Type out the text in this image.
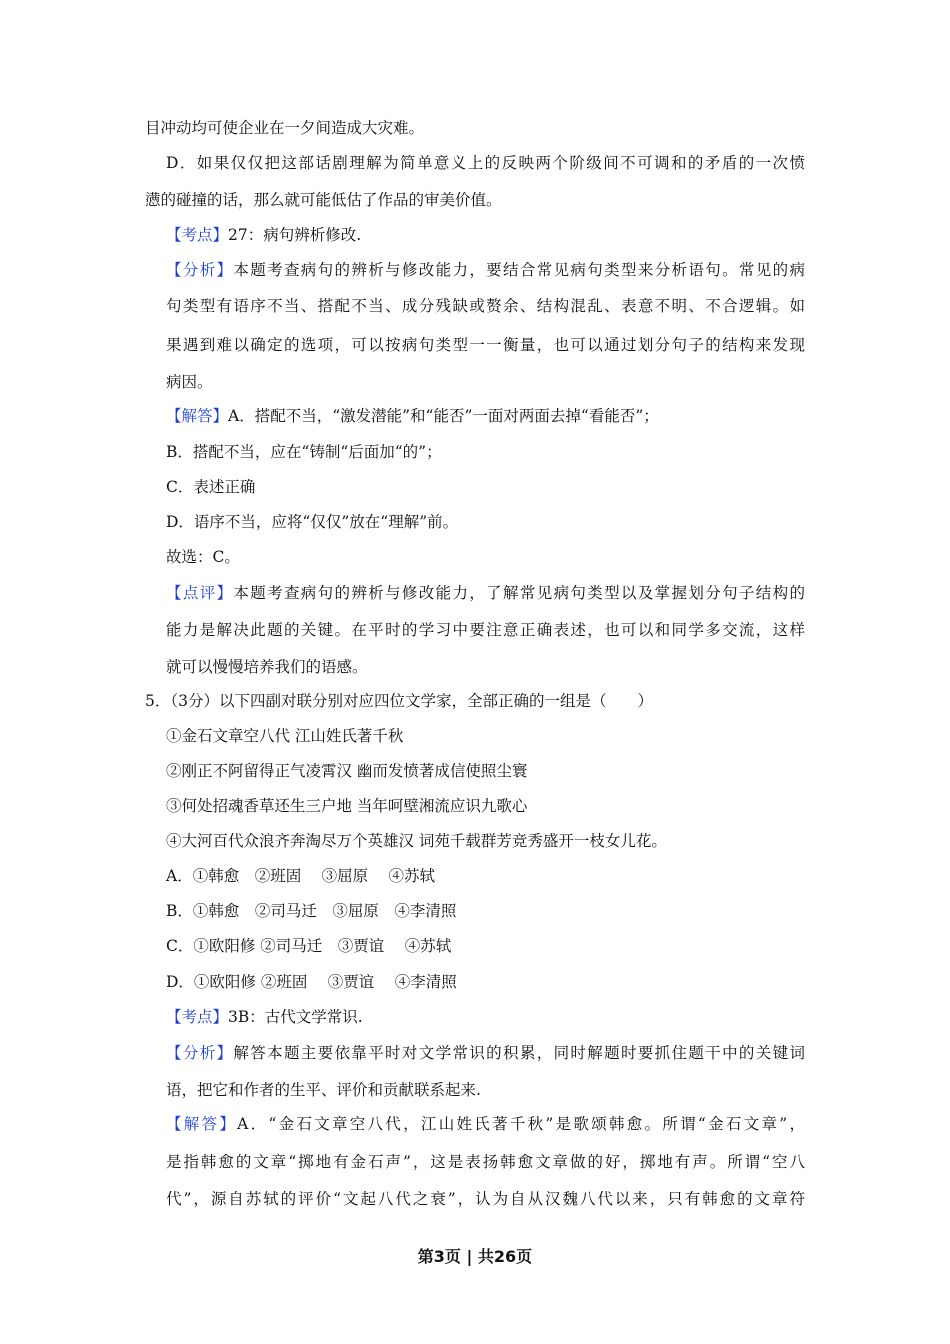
目冲动均可使企业在一夕间造成大灾难。
D．如果仅仅把这部话剧理解为简单意义上的反映两个阶级间不可调和的矛盾的一次愤
懑的碰撞的话，那么就可能低估了作品的审美价值。
【考点】27：病句辨析修改.
【分析】本题考查病句的辨析与修改能力，要结合常见病句类型来分析语句。常见的病
句类型有语序不当、搭配不当、成分残缺或赘余、结构混乱、表意不明、不合逻辑。如
果遇到难以确定的选项，可以按病句类型一一衡量，也可以通过划分句子的结构来发现
病因。
【解答】A．搭配不当，“激发潜能”和“能否”一面对两面去掉“看能否”；
B．搭配不当，应在“铸制“后面加“的”；
C．表述正确
D．语序不当，应将“仅仅”放在“理解”前。
故选：C。
【点评】本题考查病句的辨析与修改能力，了解常见病句类型以及掌握划分句子结构的
能力是解决此题的关键。在平时的学习中要注意正确表述，也可以和同学多交流，这样
就可以慢慢培养我们的语感。
5．（3分）以下四副对联分别对应四位文学家，全部正确的一组是（　　）
①金石文章空八代 江山姓氏著千秋
②刚正不阿留得正气凌霄汉 幽而发愤著成信使照尘寰
③何处招魂香草还生三户地 当年呵壁湘流应识九歌心
④大河百代众浪齐奔淘尽万个英雄汉 词苑千载群芳竞秀盛开一枝女儿花。
A．①韩愈　②班固　 ③屈原　 ④苏轼
B．①韩愈　②司马迁　③屈原　④李清照
C．①欧阳修 ②司马迁　③贾谊　 ④苏轼
D．①欧阳修 ②班固　 ③贾谊　 ④李清照
【考点】3B：古代文学常识.
【分析】解答本题主要依靠平时对文学常识的积累，同时解题时要抓住题干中的关键词
语，把它和作者的生平、评价和贡献联系起来.
【解答】A．“金石文章空八代，江山姓氏著千秋”是歌颂韩愈。所谓“金石文章”，
是指韩愈的文章“掷地有金石声”，这是表扬韩愈文章做的好，掷地有声。所谓“空八
代”，源自苏轼的评价“文起八代之衰”，认为自从汉魏八代以来，只有韩愈的文章符
第3页 | 共26页
